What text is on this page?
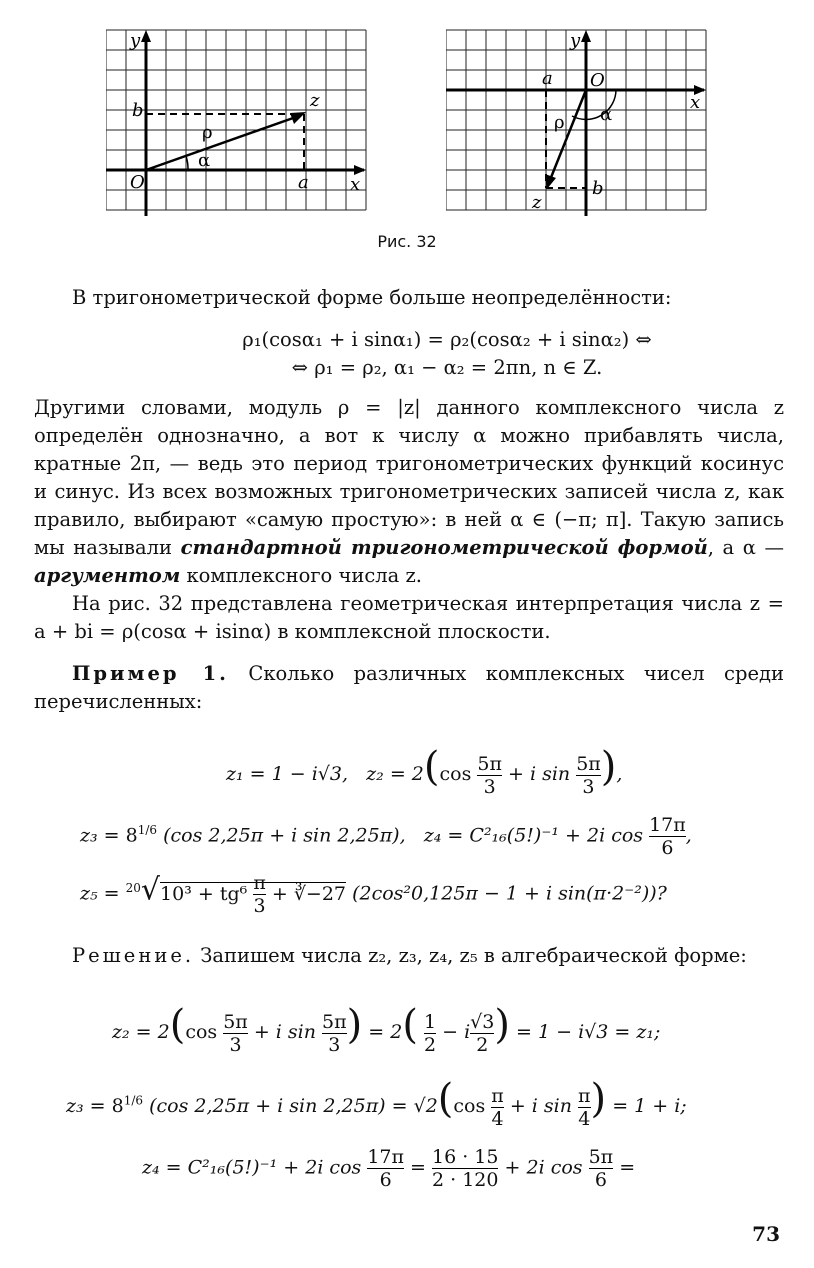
y
x
O	a
b	z
ρ
α
y
x
O
a
b
z
ρ α
Рис. 32

В тригонометрической форме больше неопределённости:

ρ₁(cosα₁ + i sinα₁) = ρ₂(cosα₂ + i sinα₂) ⇔

⇔ ρ₁ = ρ₂, α₁ − α₂ = 2πn, n ∈ Z.

Другими словами, модуль ρ = |z| данного комплексного числа z определён однозначно, а вот к числу α можно прибавлять числа, кратные 2π, — ведь это период тригонометрических функций косинус и синус. Из всех возможных тригонометрических записей числа z, как правило, выбирают «самую простую»: в ней α ∈ (−π; π]. Такую запись мы называли стандартной тригонометрической формой, а α — аргументом комплексного числа z.

На рис. 32 представлена геометрическая интерпретация числа z = a + bi = ρ(cosα + isinα) в комплексной плоскости.

Пример 1. Сколько различных комплексных чисел среди перечисленных:

z₁ = 1 − i√3, $z_2 = 2(\cos \frac{5\pi}{3} + i$ $\sin \frac{5\pi}{3}$ ),
$z_3 = 8^{1/6}$ (cos 2,25π + i sin 2,25π), z₄ = C²₁₆(5!)⁻¹ + 2i $\cos \frac{17\pi}{6}$ ,
$z_5 = ^{20}√10^3 + tg^6 \frac{\pi}{3}$ + ∛−27 (2cos²0,125π − 1 + i sin(π·2⁻²))?

Решение. Запишем числа z₂, z₃, z₄, z₅ в алгебраической форме:

$z_2 = 2(\cos \frac{5\pi}{3} + i$ $\sin \frac{5\pi}{3}$ ) = $2( \frac{1}{2} - i \frac{√3}{2}$ ) = 1 − i√3 = z₁;
$z_3 = 8^{1/6}$ (cos 2,25π + i $\sin 2,25\pi) = √2(\cos \frac{\pi}{4} + i$ $\sin \frac{\pi}{4}$ ) = 1 + i;
z₄ = C²₁₆(5!)⁻¹ + 2i $\cos \frac{17\pi}{6} = \frac{16 \cdot 15}{2 \cdot 120} + 2i$ $\cos \frac{5\pi}{6}$ =
73
